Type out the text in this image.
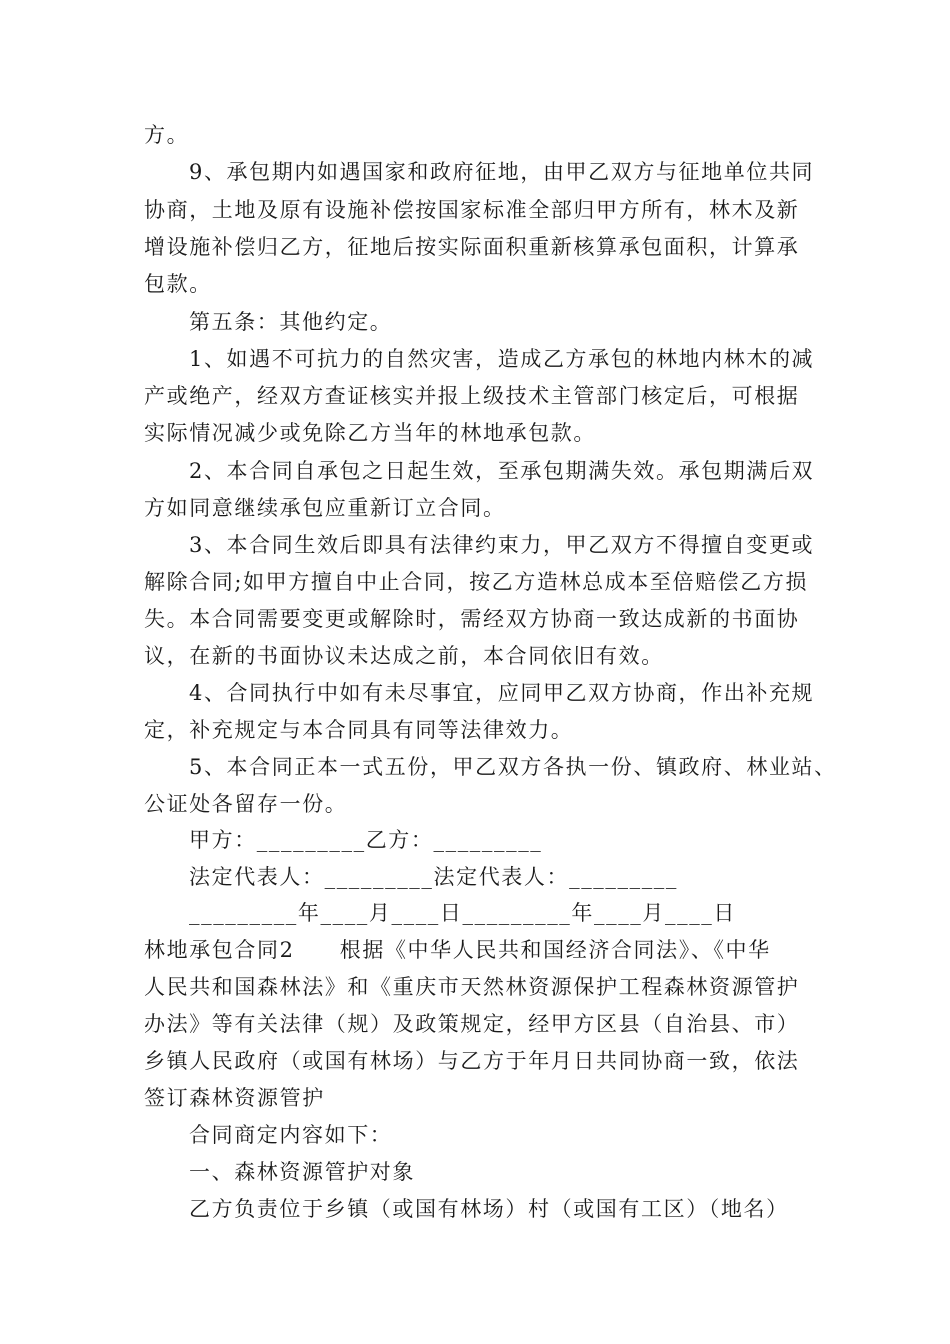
方。
9、承包期内如遇国家和政府征地，由甲乙双方与征地单位共同
协商，土地及原有设施补偿按国家标准全部归甲方所有，林木及新
增设施补偿归乙方，征地后按实际面积重新核算承包面积，计算承
包款。
第五条：其他约定。
1、如遇不可抗力的自然灾害，造成乙方承包的林地内林木的减
产或绝产，经双方查证核实并报上级技术主管部门核定后，可根据
实际情况减少或免除乙方当年的林地承包款。
2、本合同自承包之日起生效，至承包期满失效。承包期满后双
方如同意继续承包应重新订立合同。
3、本合同生效后即具有法律约束力，甲乙双方不得擅自变更或
解除合同;如甲方擅自中止合同，按乙方造林总成本至倍赔偿乙方损
失。本合同需要变更或解除时，需经双方协商一致达成新的书面协
议，在新的书面协议未达成之前，本合同依旧有效。
4、合同执行中如有未尽事宜，应同甲乙双方协商，作出补充规
定，补充规定与本合同具有同等法律效力。
5、本合同正本一式五份，甲乙双方各执一份、镇政府、林业站、
公证处各留存一份。
甲方：_________乙方：_________
法定代表人：_________法定代表人：_________
_________年____月____日_________年____月____日
林地承包合同2　　根据《中华人民共和国经济合同法》、《中华
人民共和国森林法》和《重庆市天然林资源保护工程森林资源管护
办法》等有关法律（规）及政策规定，经甲方区县（自治县、市）
乡镇人民政府（或国有林场）与乙方于年月日共同协商一致，依法
签订森林资源管护
合同商定内容如下：
一、森林资源管护对象
乙方负责位于乡镇（或国有林场）村（或国有工区）（地名）
